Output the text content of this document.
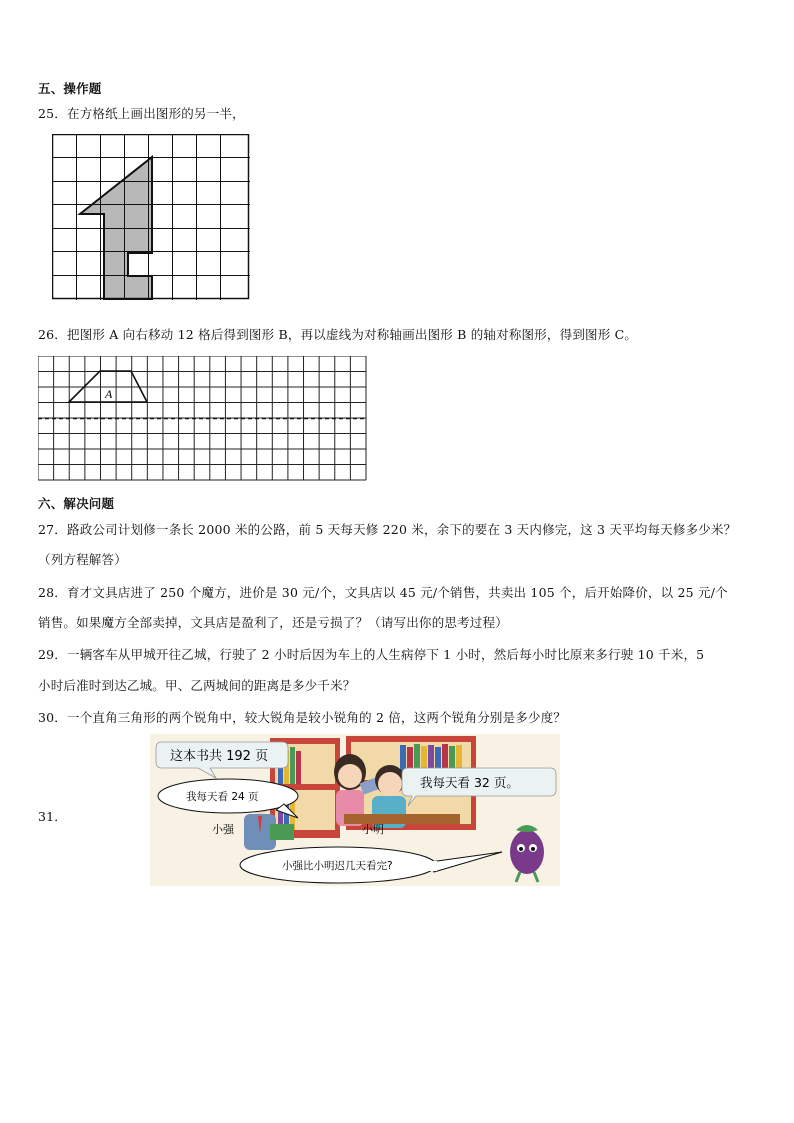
五、操作题
25．在方格纸上画出图形的另一半，
26．把图形 A 向右移动 12 格后得到图形 B，再以虚线为对称轴画出图形 B 的轴对称图形，得到图形 C。
A
六、解决问题
27．路政公司计划修一条长 2000 米的公路，前 5 天每天修 220 米，余下的要在 3 天内修完，这 3 天平均每天修多少米？
（列方程解答）
28．育才文具店进了 250 个魔方，进价是 30 元/个，文具店以 45 元/个销售，共卖出 105 个，后开始降价，以 25 元/个
销售。如果魔方全部卖掉，文具店是盈利了，还是亏损了？（请写出你的思考过程）
29．一辆客车从甲城开往乙城，行驶了 2 小时后因为车上的人生病停下 1 小时，然后每小时比原来多行驶 10 千米，5
小时后准时到达乙城。甲、乙两城间的距离是多少千米？
30．一个直角三角形的两个锐角中，较大锐角是较小锐角的 2 倍，这两个锐角分别是多少度？
31．
这本书共 192 页
我每天看 32 页。
我每天看 24 页
小强	小明
小强比小明迟几天看完?
